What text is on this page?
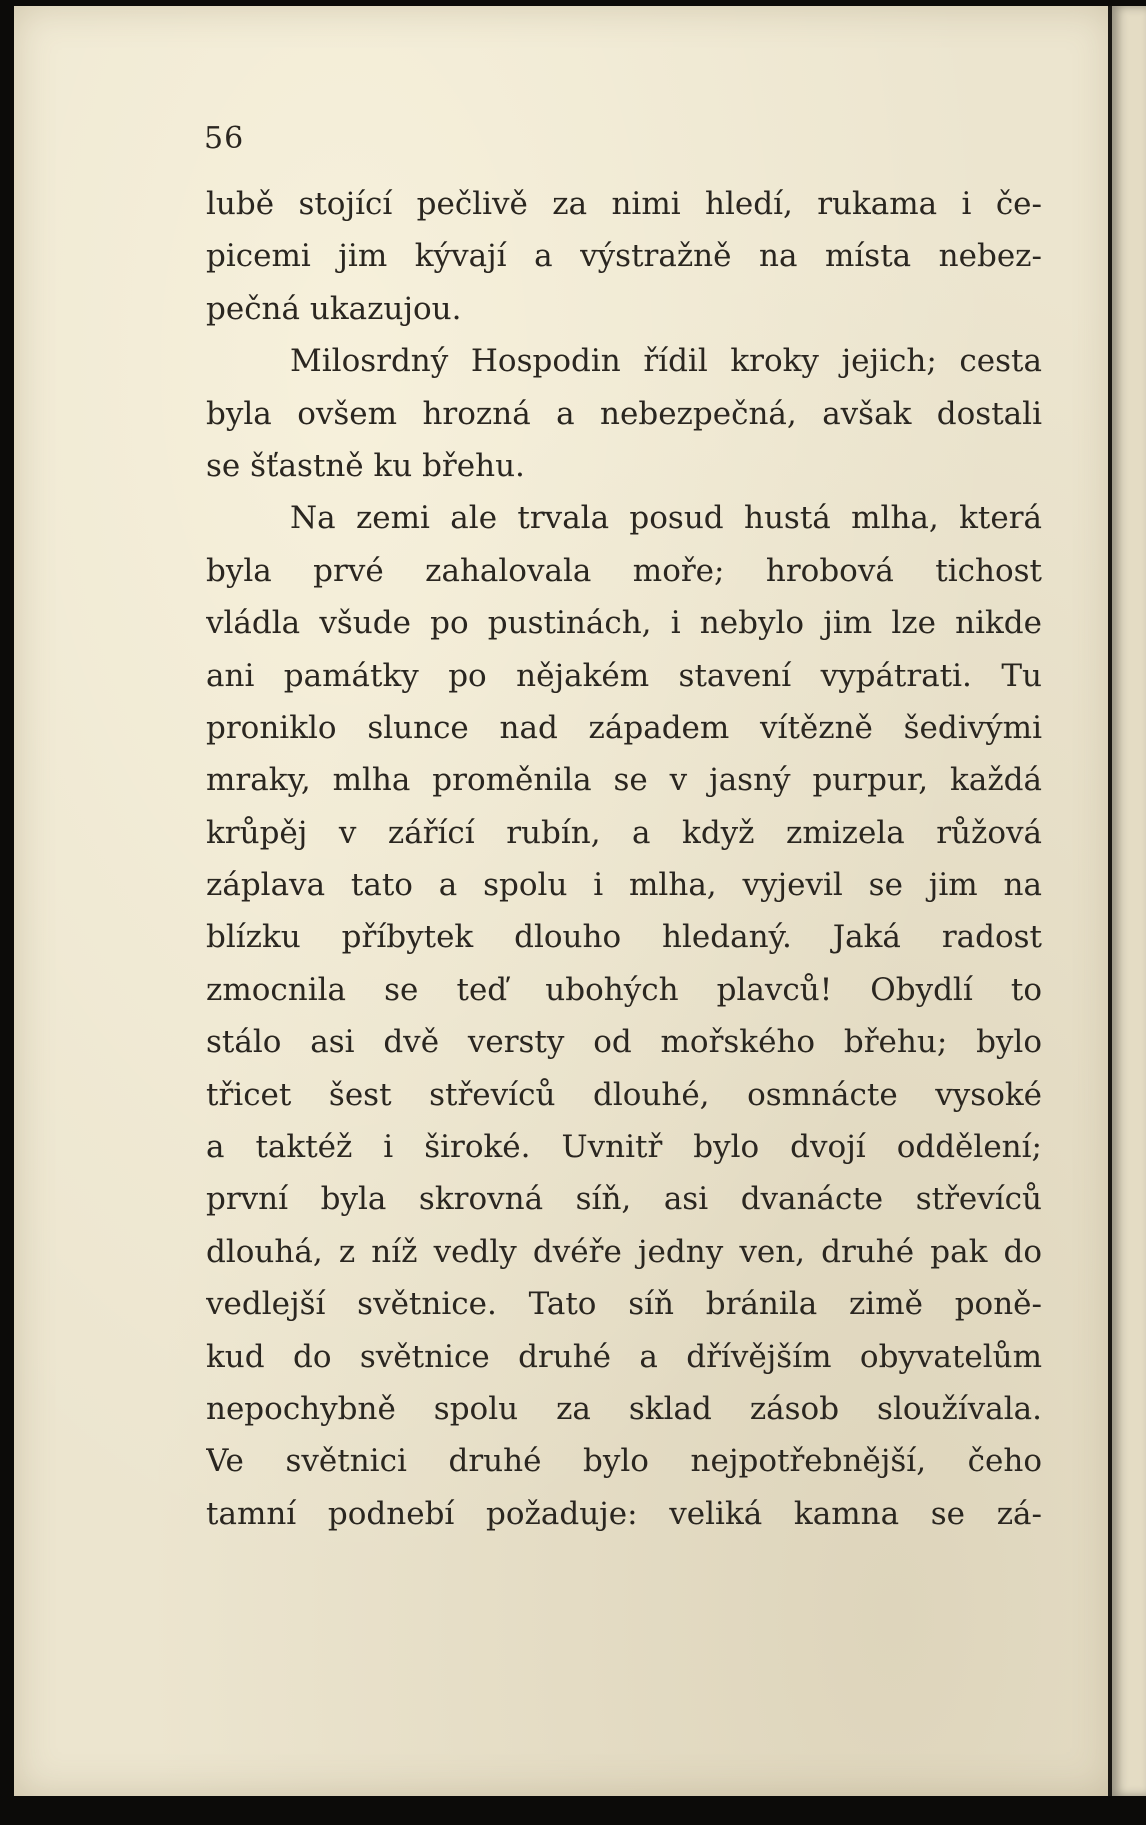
56
lubě stojící pečlivě za nimi hledí, rukama i če-
picemi jim kývají a výstražně na místa nebez-
pečná ukazujou.
Milosrdný Hospodin řídil kroky jejich; cesta
byla ovšem hrozná a nebezpečná, avšak dostali
se šťastně ku břehu.
Na zemi ale trvala posud hustá mlha, která
byla prvé zahalovala moře; hrobová tichost
vládla všude po pustinách, i nebylo jim lze nikde
ani památky po nějakém stavení vypátrati. Tu
proniklo slunce nad západem vítězně šedivými
mraky, mlha proměnila se v jasný purpur, každá
krůpěj v zářící rubín, a když zmizela růžová
záplava tato a spolu i mlha, vyjevil se jim na
blízku příbytek dlouho hledaný. Jaká radost
zmocnila se teď ubohých plavců! Obydlí to
stálo asi dvě versty od mořského břehu; bylo
třicet šest střevíců dlouhé, osmnácte vysoké
a taktéž i široké. Uvnitř bylo dvojí oddělení;
první byla skrovná síň, asi dvanácte střevíců
dlouhá, z níž vedly dvéře jedny ven, druhé pak do
vedlejší světnice. Tato síň bránila zimě poně-
kud do světnice druhé a dřívějším obyvatelům
nepochybně spolu za sklad zásob sloužívala.
Ve světnici druhé bylo nejpotřebnější, čeho
tamní podnebí požaduje: veliká kamna se zá-
